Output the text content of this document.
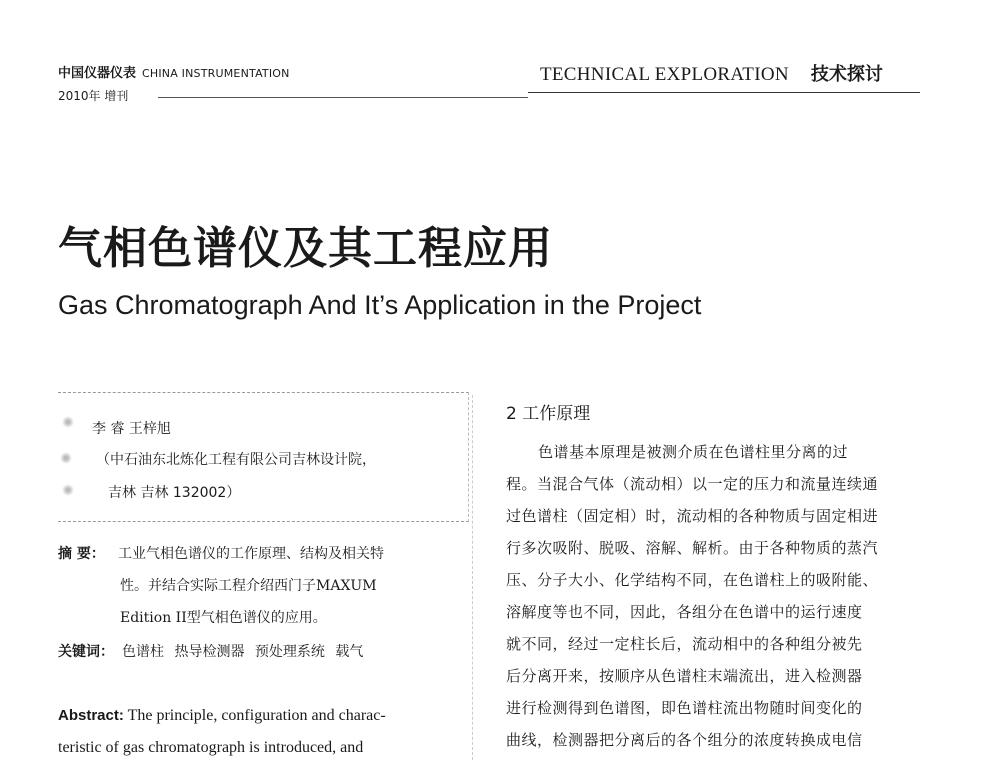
中国仪器仪表 CHINA INSTRUMENTATION
2010年 增刊
TECHNICAL EXPLORATION 技术探讨
气相色谱仪及其工程应用
Gas Chromatograph And It’s Application in the Project
李 睿 王梓旭
（中石油东北炼化工程有限公司吉林设计院，
吉林 吉林 132002）
摘 要： 工业气相色谱仪的工作原理、结构及相关特
性。并结合实际工程介绍西门子MAXUM
Edition II型气相色谱仪的应用。
关键词： 色谱柱 热导检测器 预处理系统 载气
Abstract: The principle, configuration and charac-
teristic of gas chromatograph is introduced, and
2 工作原理
色谱基本原理是被测介质在色谱柱里分离的过
程。当混合气体（流动相）以一定的压力和流量连续通
过色谱柱（固定相）时，流动相的各种物质与固定相进
行多次吸附、脱吸、溶解、解析。由于各种物质的蒸汽
压、分子大小、化学结构不同，在色谱柱上的吸附能、
溶解度等也不同，因此，各组分在色谱中的运行速度
就不同，经过一定柱长后，流动相中的各种组分被先
后分离开来，按顺序从色谱柱末端流出，进入检测器
进行检测得到色谱图，即色谱柱流出物随时间变化的
曲线，检测器把分离后的各个组分的浓度转换成电信
